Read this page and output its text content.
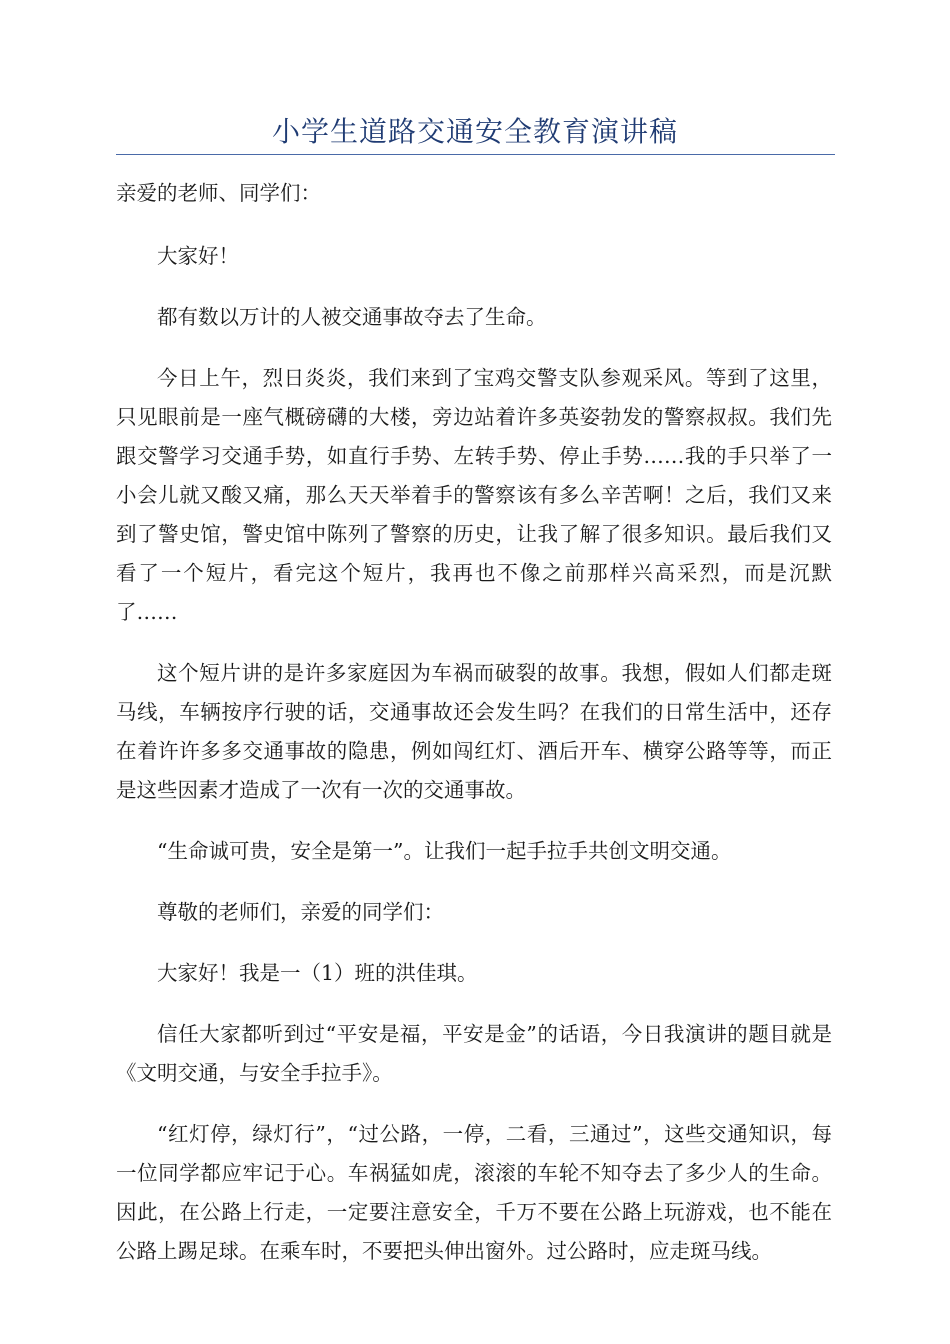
小学生道路交通安全教育演讲稿

亲爱的老师、同学们：

大家好！

都有数以万计的人被交通事故夺去了生命。

今日上午，烈日炎炎，我们来到了宝鸡交警支队参观采风。等到了这里，只见眼前是一座气概磅礴的大楼，旁边站着许多英姿勃发的警察叔叔。我们先跟交警学习交通手势，如直行手势、左转手势、停止手势……我的手只举了一小会儿就又酸又痛，那么天天举着手的警察该有多么辛苦啊！之后，我们又来到了警史馆，警史馆中陈列了警察的历史，让我了解了很多知识。最后我们又看了一个短片，看完这个短片，我再也不像之前那样兴高采烈，而是沉默了……

这个短片讲的是许多家庭因为车祸而破裂的故事。我想，假如人们都走斑马线，车辆按序行驶的话，交通事故还会发生吗？在我们的日常生活中，还存在着许许多多交通事故的隐患，例如闯红灯、酒后开车、横穿公路等等，而正是这些因素才造成了一次有一次的交通事故。

“生命诚可贵，安全是第一”。让我们一起手拉手共创文明交通。

尊敬的老师们，亲爱的同学们：

大家好！我是一（1）班的洪佳琪。

信任大家都听到过“平安是福，平安是金”的话语，今日我演讲的题目就是《文明交通，与安全手拉手》。

“红灯停，绿灯行”，“过公路，一停，二看，三通过”，这些交通知识，每一位同学都应牢记于心。车祸猛如虎，滚滚的车轮不知夺去了多少人的生命。因此，在公路上行走，一定要注意安全，千万不要在公路上玩游戏，也不能在公路上踢足球。在乘车时，不要把头伸出窗外。过公路时，应走斑马线。
